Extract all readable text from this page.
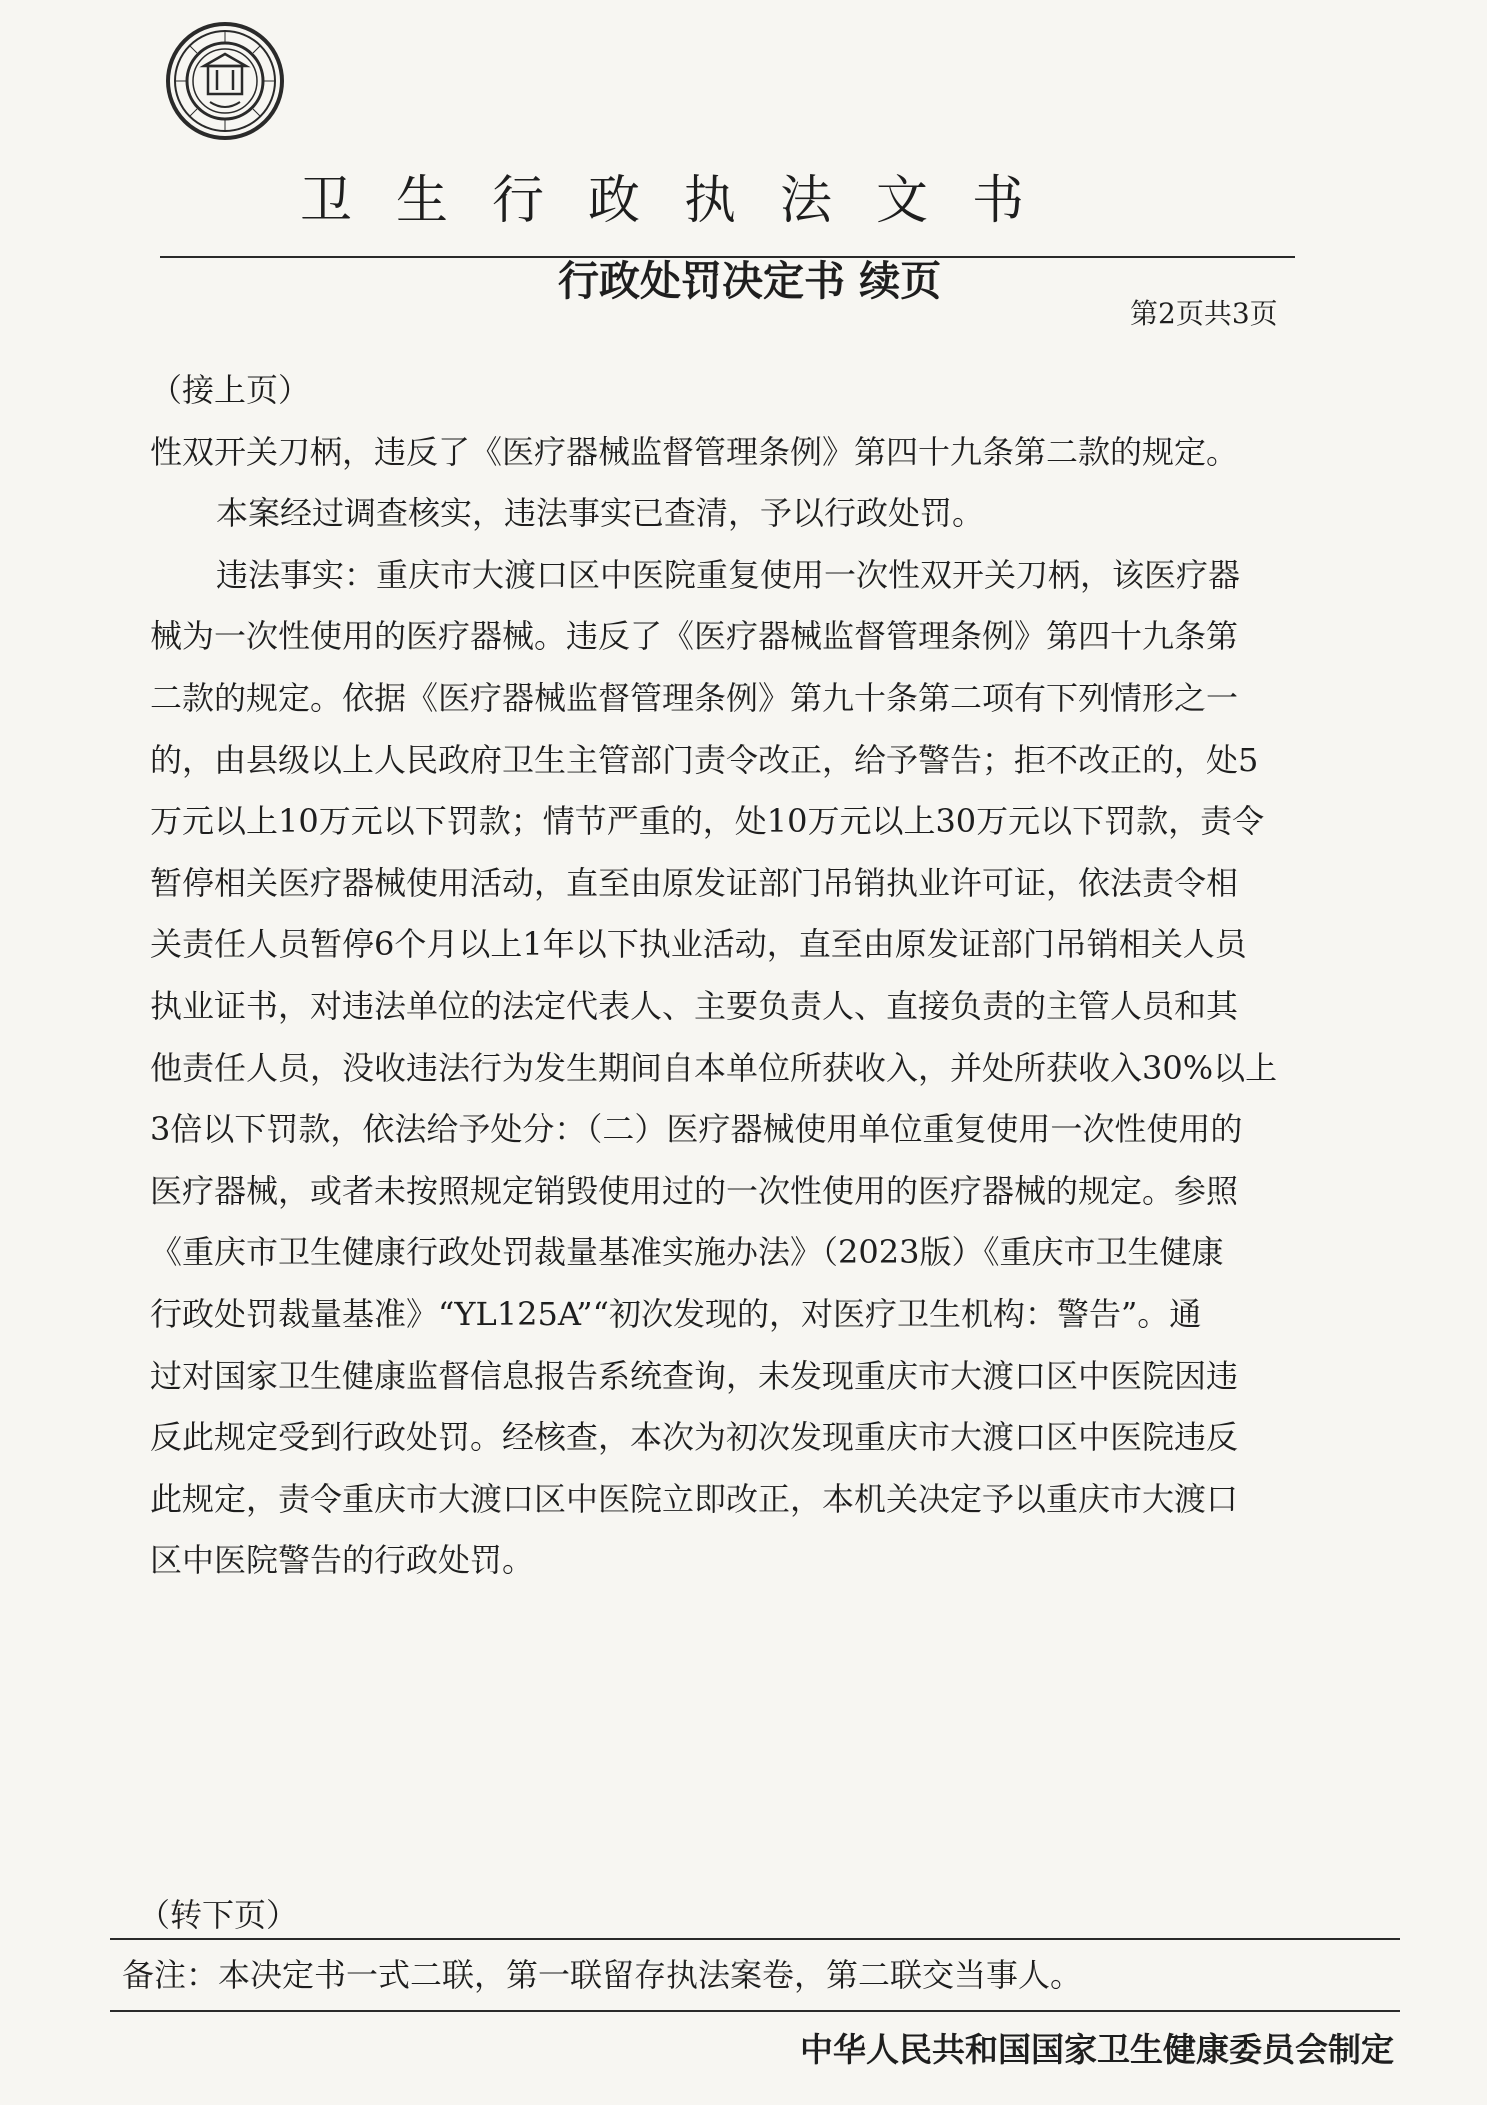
卫生行政执法文书
行政处罚决定书 续页
第2页共3页
（接上页）
性双开关刀柄，违反了《医疗器械监督管理条例》第四十九条第二款的规定。
本案经过调查核实，违法事实已查清，予以行政处罚。
违法事实：重庆市大渡口区中医院重复使用一次性双开关刀柄，该医疗器
械为一次性使用的医疗器械。违反了《医疗器械监督管理条例》第四十九条第
二款的规定。依据《医疗器械监督管理条例》第九十条第二项有下列情形之一
的，由县级以上人民政府卫生主管部门责令改正，给予警告；拒不改正的，处5
万元以上10万元以下罚款；情节严重的，处10万元以上30万元以下罚款，责令
暂停相关医疗器械使用活动，直至由原发证部门吊销执业许可证，依法责令相
关责任人员暂停6个月以上1年以下执业活动，直至由原发证部门吊销相关人员
执业证书，对违法单位的法定代表人、主要负责人、直接负责的主管人员和其
他责任人员，没收违法行为发生期间自本单位所获收入，并处所获收入30%以上
3倍以下罚款，依法给予处分：（二）医疗器械使用单位重复使用一次性使用的
医疗器械，或者未按照规定销毁使用过的一次性使用的医疗器械的规定。参照
《重庆市卫生健康行政处罚裁量基准实施办法》（2023版）《重庆市卫生健康
行政处罚裁量基准》“YL125A”“初次发现的，对医疗卫生机构：警告”。通
过对国家卫生健康监督信息报告系统查询，未发现重庆市大渡口区中医院因违
反此规定受到行政处罚。经核查，本次为初次发现重庆市大渡口区中医院违反
此规定，责令重庆市大渡口区中医院立即改正，本机关决定予以重庆市大渡口
区中医院警告的行政处罚。
（转下页）
备注：本决定书一式二联，第一联留存执法案卷，第二联交当事人。
中华人民共和国国家卫生健康委员会制定
